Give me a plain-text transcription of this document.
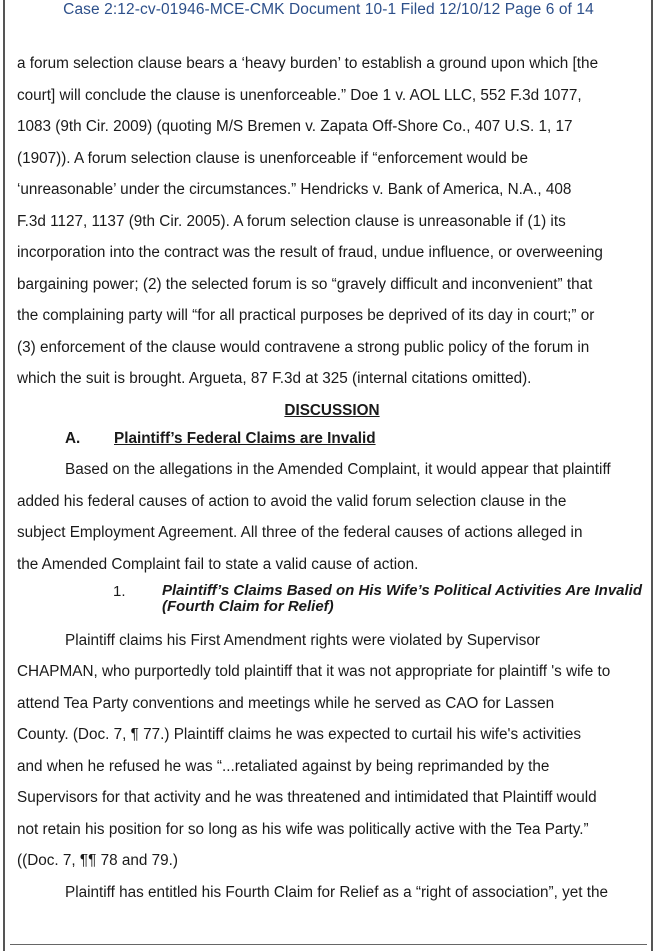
Case 2:12-cv-01946-MCE-CMK Document 10-1 Filed 12/10/12 Page 6 of 14
a forum selection clause bears a ‘heavy burden’ to establish a ground upon which [the
court] will conclude the clause is unenforceable.” Doe 1 v. AOL LLC, 552 F.3d 1077,
1083 (9th Cir. 2009) (quoting M/S Bremen v. Zapata Off-Shore Co., 407 U.S. 1, 17
(1907)). A forum selection clause is unenforceable if “enforcement would be
‘unreasonable’ under the circumstances.” Hendricks v. Bank of America, N.A., 408
F.3d 1127, 1137 (9th Cir. 2005). A forum selection clause is unreasonable if (1) its
incorporation into the contract was the result of fraud, undue influence, or overweening
bargaining power; (2) the selected forum is so “gravely difficult and inconvenient” that
the complaining party will “for all practical purposes be deprived of its day in court;” or
(3) enforcement of the clause would contravene a strong public policy of the forum in
which the suit is brought. Argueta, 87 F.3d at 325 (internal citations omitted).
DISCUSSION
A. Plaintiff’s Federal Claims are Invalid
Based on the allegations in the Amended Complaint, it would appear that plaintiff
added his federal causes of action to avoid the valid forum selection clause in the
subject Employment Agreement. All three of the federal causes of actions alleged in
the Amended Complaint fail to state a valid cause of action.
1. Plaintiff’s Claims Based on His Wife’s Political Activities Are Invalid (Fourth Claim for Relief)
Plaintiff claims his First Amendment rights were violated by Supervisor
CHAPMAN, who purportedly told plaintiff that it was not appropriate for plaintiff 's wife to
attend Tea Party conventions and meetings while he served as CAO for Lassen
County. (Doc. 7, ¶ 77.) Plaintiff claims he was expected to curtail his wife's activities
and when he refused he was “...retaliated against by being reprimanded by the
Supervisors for that activity and he was threatened and intimidated that Plaintiff would
not retain his position for so long as his wife was politically active with the Tea Party.”
((Doc. 7, ¶¶ 78 and 79.)
Plaintiff has entitled his Fourth Claim for Relief as a “right of association”, yet the
